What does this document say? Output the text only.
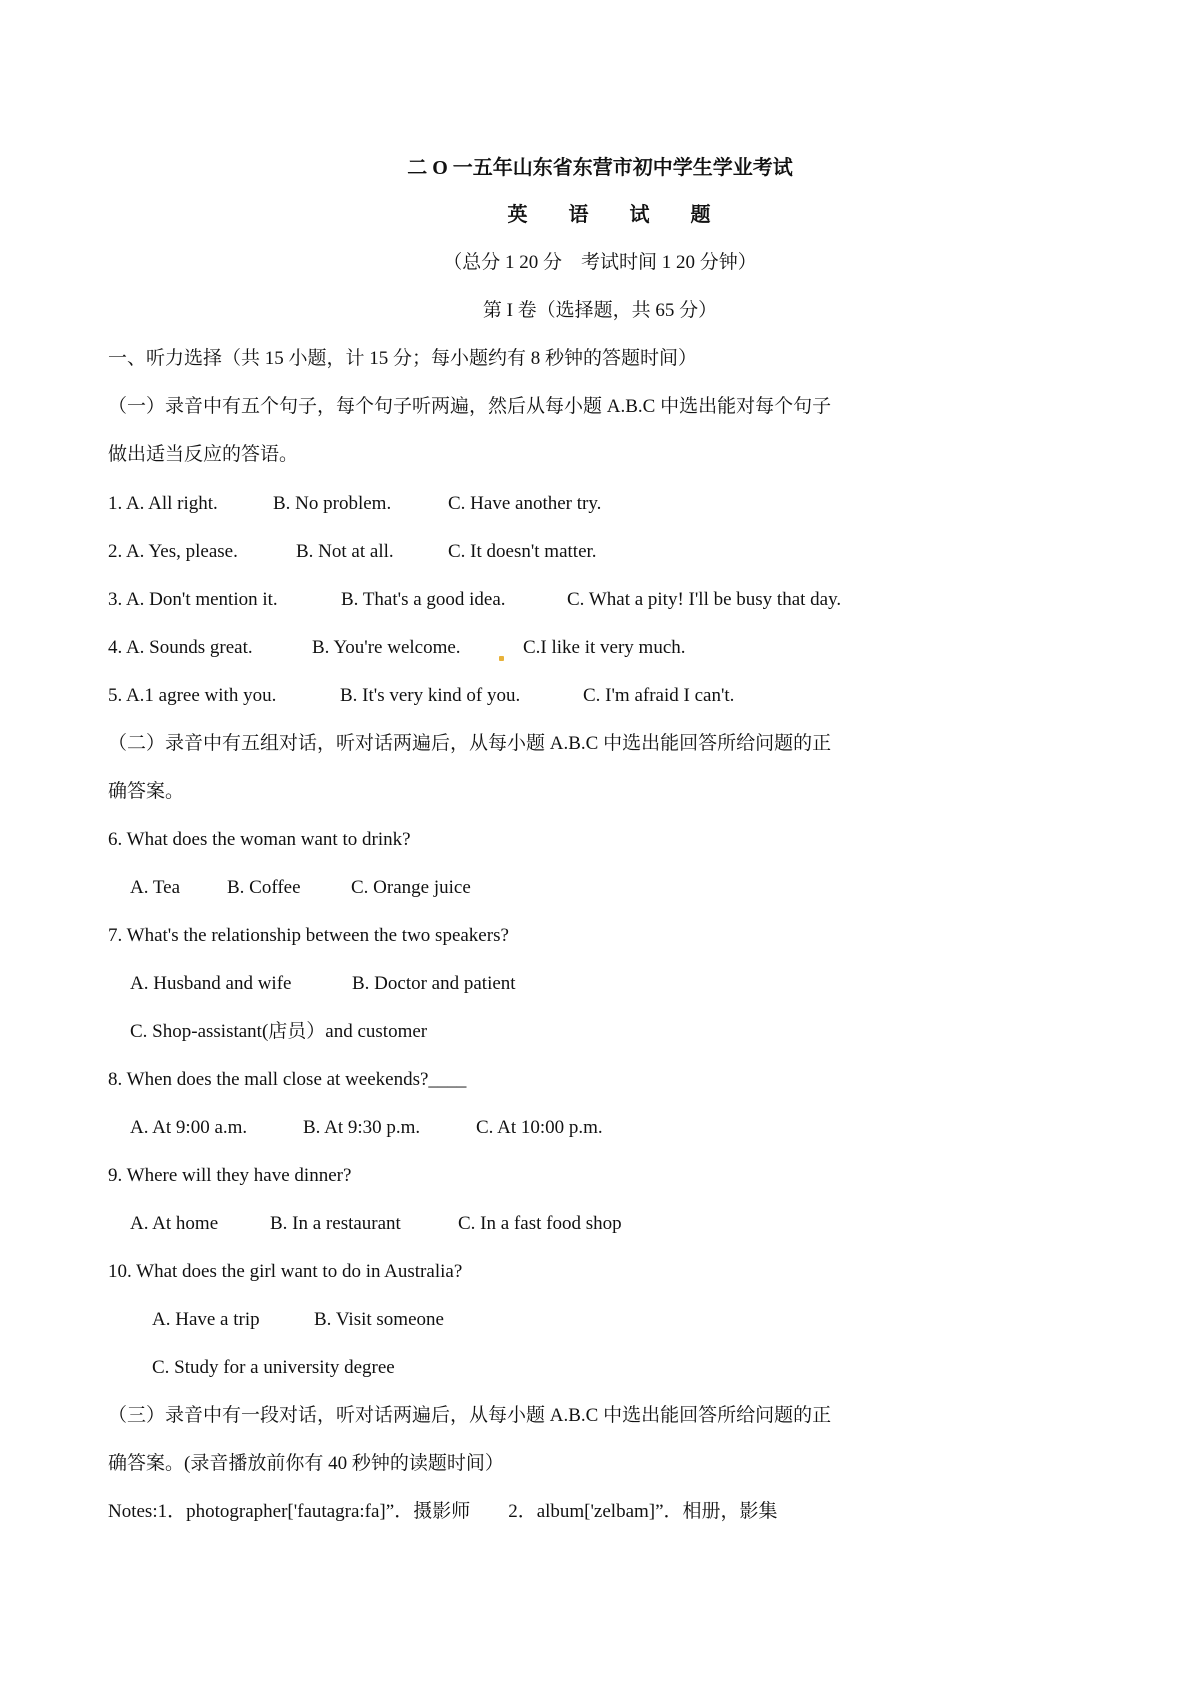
二 O 一五年山东省东营市初中学生学业考试
英 语 试 题
（总分 1 20 分　考试时间 1 20 分钟）
第 I 卷（选择题，共 65 分）
一、听力选择（共 15 小题，计 15 分；每小题约有 8 秒钟的答题时间）
（一）录音中有五个句子，每个句子听两遍，然后从每小题 A.B.C 中选出能对每个句子
做出适当反应的答语。
1. A. All right.	B. No problem.	C. Have another try.
2. A. Yes, please.	B. Not at all.	C. It doesn't matter.
3. A. Don't mention it.	B. That's a good idea.	C. What a pity! I'll be busy that day.
4. A. Sounds great.	B. You're welcome.	C.I like it very much.
5. A.1 agree with you.	B. It's very kind of you.	C. I'm afraid I can't.
（二）录音中有五组对话，听对话两遍后，从每小题 A.B.C 中选出能回答所给问题的正
确答案。
6. What does the woman want to drink?
A. Tea B. Coffee	C. Orange juice
7. What's the relationship between the two speakers?
A. Husband and wife	B. Doctor and patient
C. Shop-assistant(店员）and customer
8. When does the mall close at weekends?____
A. At 9:00 a.m.	B. At 9:30 p.m.	C. At 10:00 p.m.
9. Where will they have dinner?
A. At home	B. In a restaurant	C. In a fast food shop
10. What does the girl want to do in Australia?
A. Have a trip	B. Visit someone
C. Study for a university degree
（三）录音中有一段对话，听对话两遍后，从每小题 A.B.C 中选出能回答所给问题的正
确答案。(录音播放前你有 40 秒钟的读题时间）
Notes:1．photographer['fautagra:fa]”．摄影师　　2．album['zelbam]”．相册，影集
